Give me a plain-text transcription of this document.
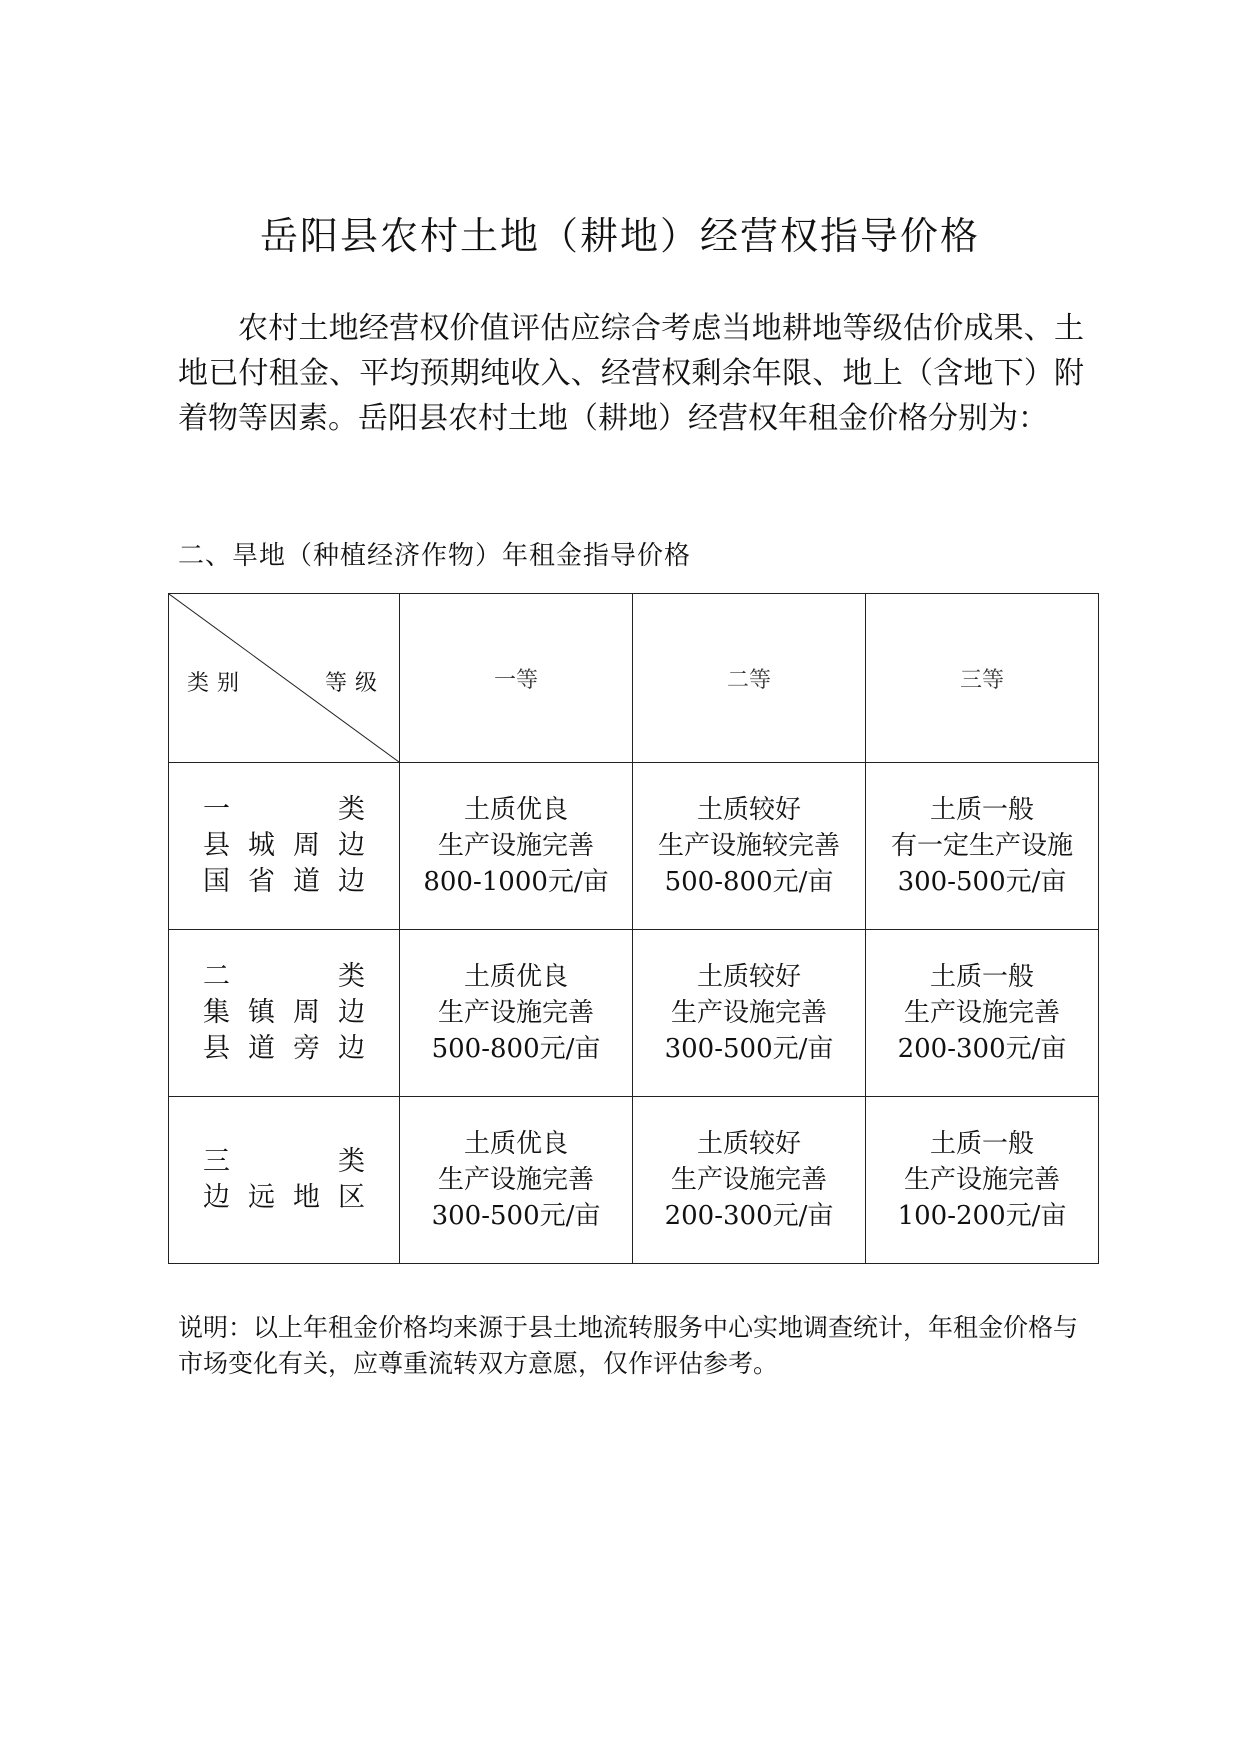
岳阳县农村土地（耕地）经营权指导价格

农村土地经营权价值评估应综合考虑当地耕地等级估价成果、土地已付租金、平均预期纯收入、经营权剩余年限、地上（含地下）附着物等因素。岳阳县农村土地（耕地）经营权年租金价格分别为：

二、旱地（种植经济作物）年租金指导价格
类别 等级	一等	二等	三等

一　　类
县城周边
国省道边	土质优良
生产设施完善
800-1000元/亩	土质较好
生产设施较完善
500-800元/亩	土质一般
有一定生产设施
300-500元/亩

二　　类
集镇周边
县道旁边	土质优良
生产设施完善
500-800元/亩	土质较好
生产设施完善
300-500元/亩	土质一般
生产设施完善
200-300元/亩

三　　类
边远地区	土质优良
生产设施完善
300-500元/亩	土质较好
生产设施完善
200-300元/亩	土质一般
生产设施完善
100-200元/亩

说明：以上年租金价格均来源于县土地流转服务中心实地调查统计，年租金价格与市场变化有关，应尊重流转双方意愿，仅作评估参考。
